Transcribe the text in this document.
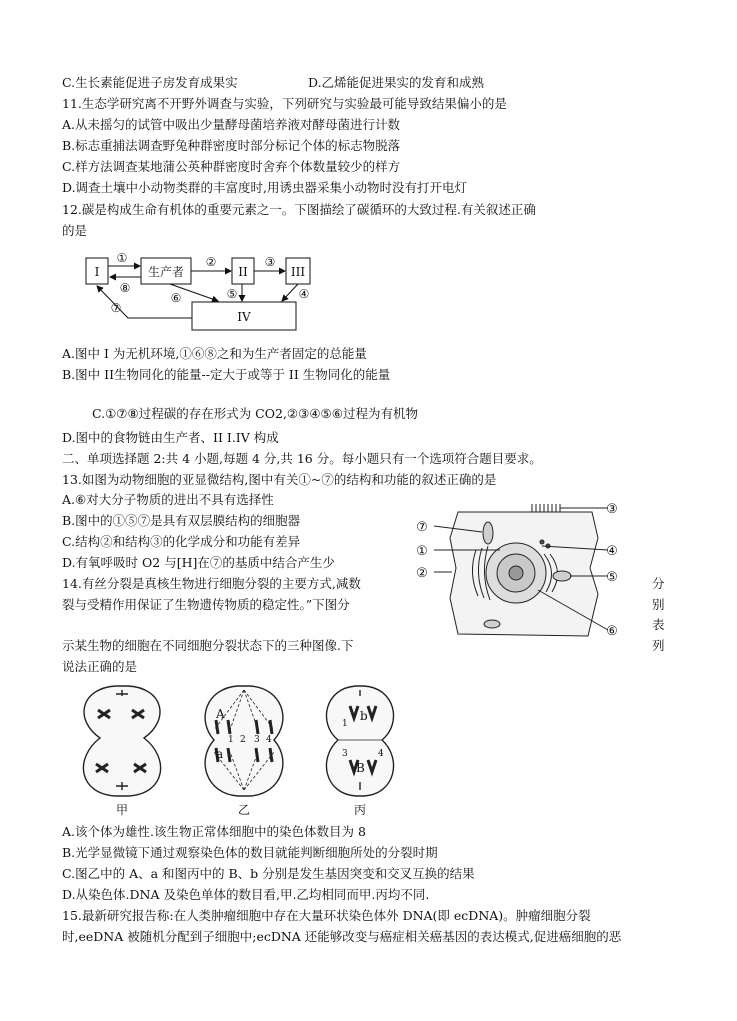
C.生长素能促进子房发育成果实	D.乙烯能促进果实的发育和成熟
11.生态学研究离不开野外调查与实验，下列研究与实验最可能导致结果偏小的是
A.从未摇匀的试管中吸出少量酵母菌培养液对酵母菌进行计数
B.标志重捕法调查野兔种群密度时部分标记个体的标志物脱落
C.样方法调查某地蒲公英种群密度时舍弃个体数量较少的样方
D.调查土壤中小动物类群的丰富度时,用诱虫器采集小动物时没有打开电灯
12.碳是构成生命有机体的重要元素之一。下图描绘了碳循环的大致过程.有关叙述正确
的是
I	生产者	II	III
IV
①	②	③
④
⑤
⑥
⑦
⑧
A.图中 I 为无机环境,①⑥⑧之和为生产者固定的总能量
B.图中 II生物同化的能量--定大于或等于 II 生物同化的能量
C.①⑦⑧过程碳的存在形式为 CO2,②③④⑤⑥过程为有机物
D.图中的食物链由生产者、II I.IV 构成
二、单项选择题 2:共 4 小题,每题 4 分,共 16 分。每小题只有一个选项符合题目要求。
13.如图为动物细胞的亚显微结构,图中有关①~⑦的结构和功能的叙述正确的是
A.⑥对大分子物质的进出不具有选择性
B.图中的①⑤⑦是具有双层膜结构的细胞器
C.结构②和结构③的化学成分和功能有差异
D.有氧呼吸时 O2 与[H]在⑦的基质中结合产生少
14.有丝分裂是真核生物进行细胞分裂的主要方式,减数
裂与受精作用保证了生物遗传物质的稳定性。”下图分
示某生物的细胞在不同细胞分裂状态下的三种图像.下
说法正确的是
分
别
表
列
⑦
①
②
③
④
⑤
⑥
A
a
1 2 3 4
b
1
3	4
B
甲	乙	丙
A.该个体为雄性.该生物正常体细胞中的染色体数目为 8
B.光学显微镜下通过观察染色体的数目就能判断细胞所处的分裂时期
C.图乙中的 A、a 和图丙中的 B、b 分别是发生基因突变和交叉互换的结果
D.从染色体.DNA 及染色单体的数目看,甲.乙均相同而甲.丙均不同.
15.最新研究报告称:在人类肿瘤细胞中存在大量环状染色体外 DNA(即 ecDNA)。肿瘤细胞分裂
时,eeDNA 被随机分配到子细胞中;ecDNA 还能够改变与癌症相关癌基因的表达模式,促进癌细胞的恶
